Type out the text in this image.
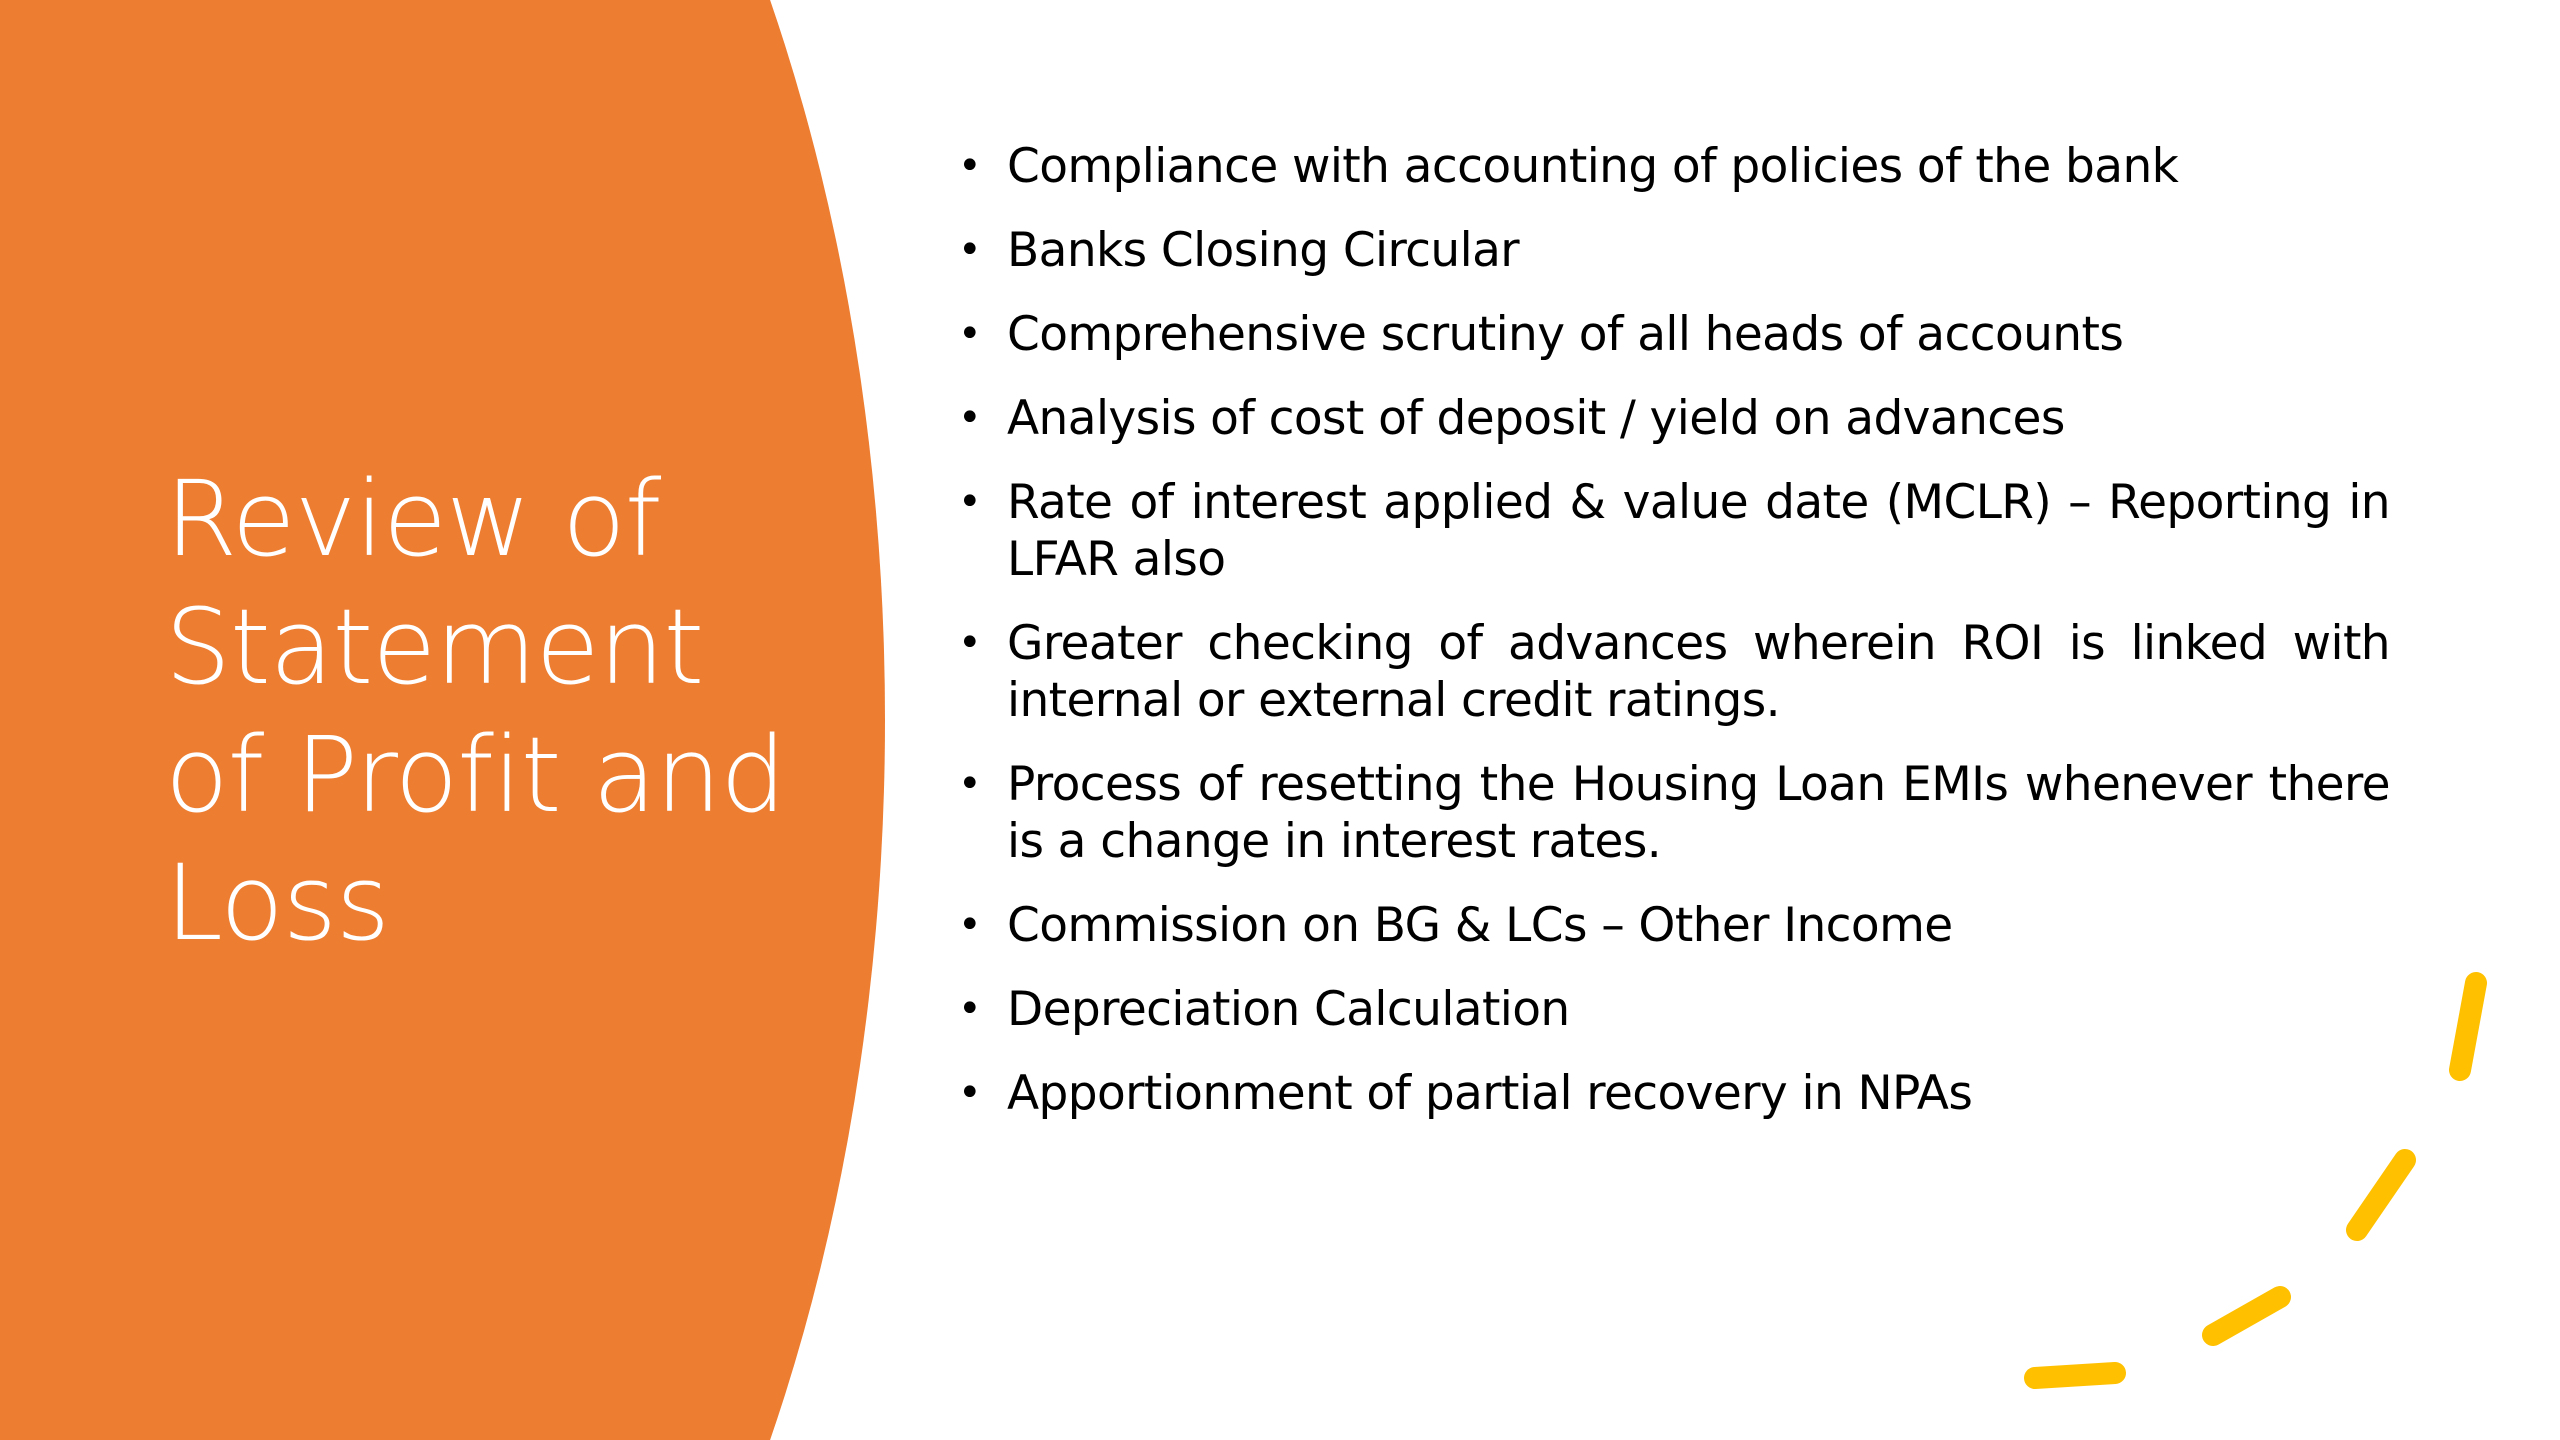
Review of Statement of Profit and Loss
• Compliance with accounting of policies of the bank
• Banks Closing Circular
• Comprehensive scrutiny of all heads of accounts
• Analysis of cost of deposit / yield on advances
• Rate of interest applied & value date (MCLR) – Reporting in LFAR also
• Greater checking of advances wherein ROI is linked with internal or external credit ratings.
• Process of resetting the Housing Loan EMIs whenever there is a change in interest rates.
• Commission on BG & LCs – Other Income
• Depreciation Calculation
• Apportionment of partial recovery in NPAs
